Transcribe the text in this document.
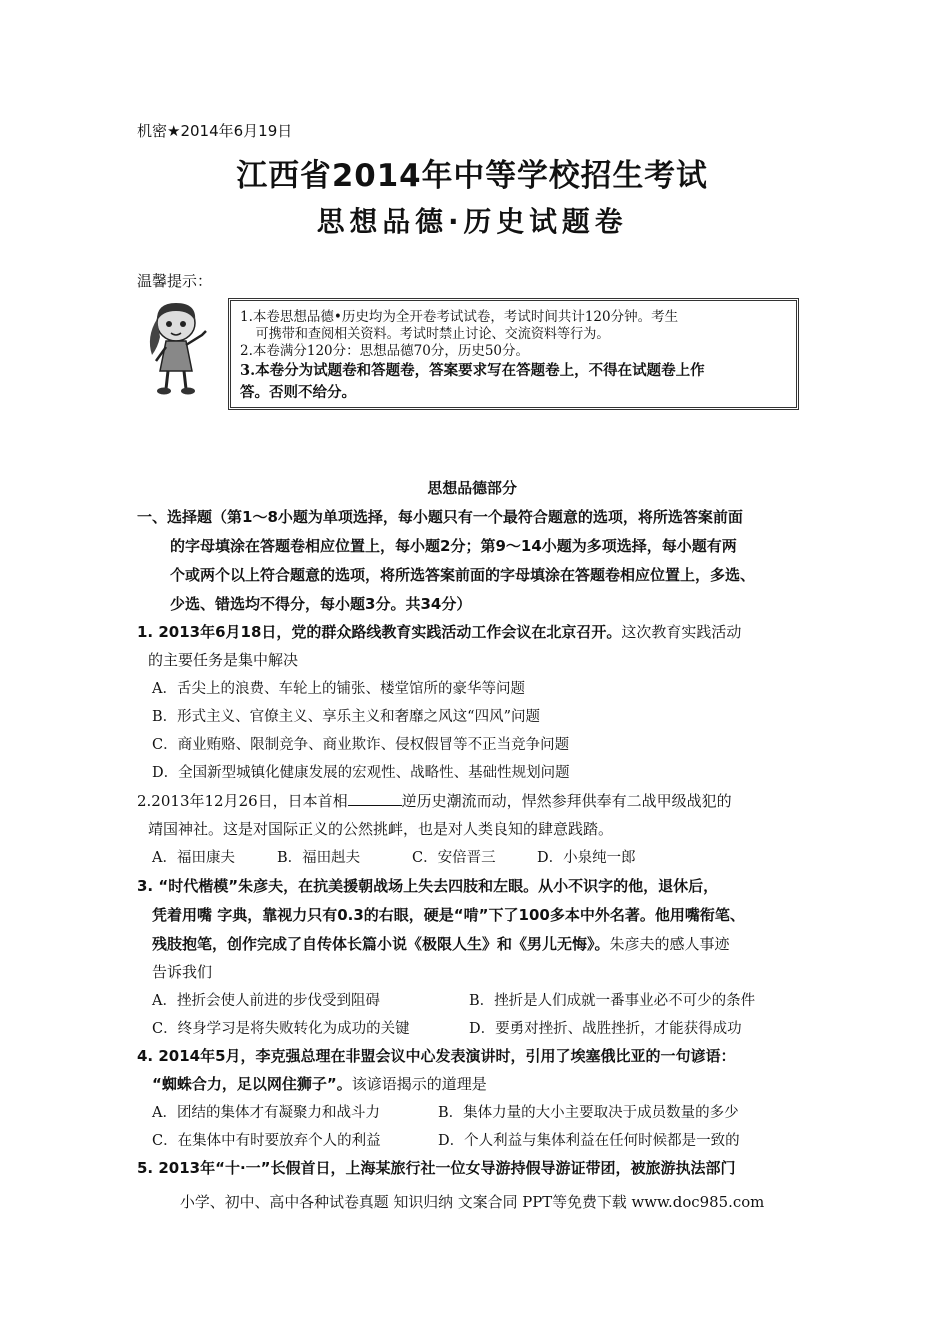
机密★2014年6月19日
江西省2014年中等学校招生考试
思想品德·历史试题卷
温馨提示：
1.本卷思想品德•历史均为全开卷考试试卷，考试时间共计120分钟。考生
可携带和查阅相关资料。考试时禁止讨论、交流资料等行为。
2.本卷满分120分：思想品德70分，历史50分。
3.本卷分为试题卷和答题卷，答案要求写在答题卷上，不得在试题卷上作
答。否则不给分。
思想品德部分
一、选择题（第1～8小题为单项选择，每小题只有一个最符合题意的选项，将所选答案前面
的字母填涂在答题卷相应位置上，每小题2分；第9～14小题为多项选择，每小题有两
个或两个以上符合题意的选项，将所选答案前面的字母填涂在答题卷相应位置上，多选、
少选、错选均不得分，每小题3分。共34分）
1. 2013年6月18日，党的群众路线教育实践活动工作会议在北京召开。这次教育实践活动
的主要任务是集中解决
A．舌尖上的浪费、车轮上的铺张、楼堂馆所的豪华等问题
B．形式主义、官僚主义、享乐主义和奢靡之风这“四风”问题
C．商业贿赂、限制竞争、商业欺诈、侵权假冒等不正当竞争问题
D．全国新型城镇化健康发展的宏观性、战略性、基础性规划问题
2.2013年12月26日，日本首相	逆历史潮流而动，悍然参拜供奉有二战甲级战犯的
靖国神社。这是对国际正义的公然挑衅，也是对人类良知的肆意践踏。
A．福田康夫	B．福田赳夫	C．安倍晋三	D．小泉纯一郎
3. “时代楷模”朱彦夫，在抗美援朝战场上失去四肢和左眼。从小不识字的他，退休后，
凭着用嘴 字典，靠视力只有0.3的右眼，硬是“啃”下了100多本中外名著。他用嘴衔笔、
残肢抱笔，创作完成了自传体长篇小说《极限人生》和《男儿无悔》。朱彦夫的感人事迹
告诉我们
A．挫折会使人前进的步伐受到阻碍	B．挫折是人们成就一番事业必不可少的条件
C．终身学习是将失败转化为成功的关键	D．要勇对挫折、战胜挫折，才能获得成功
4. 2014年5月，李克强总理在非盟会议中心发表演讲时，引用了埃塞俄比亚的一句谚语：
“蜘蛛合力，足以网住狮子”。该谚语揭示的道理是
A．团结的集体才有凝聚力和战斗力	B．集体力量的大小主要取决于成员数量的多少
C．在集体中有时要放弃个人的利益	D．个人利益与集体利益在任何时候都是一致的
5. 2013年“十·一”长假首日，上海某旅行社一位女导游持假导游证带团，被旅游执法部门
小学、初中、高中各种试卷真题 知识归纳 文案合同 PPT等免费下载 www.doc985.com
